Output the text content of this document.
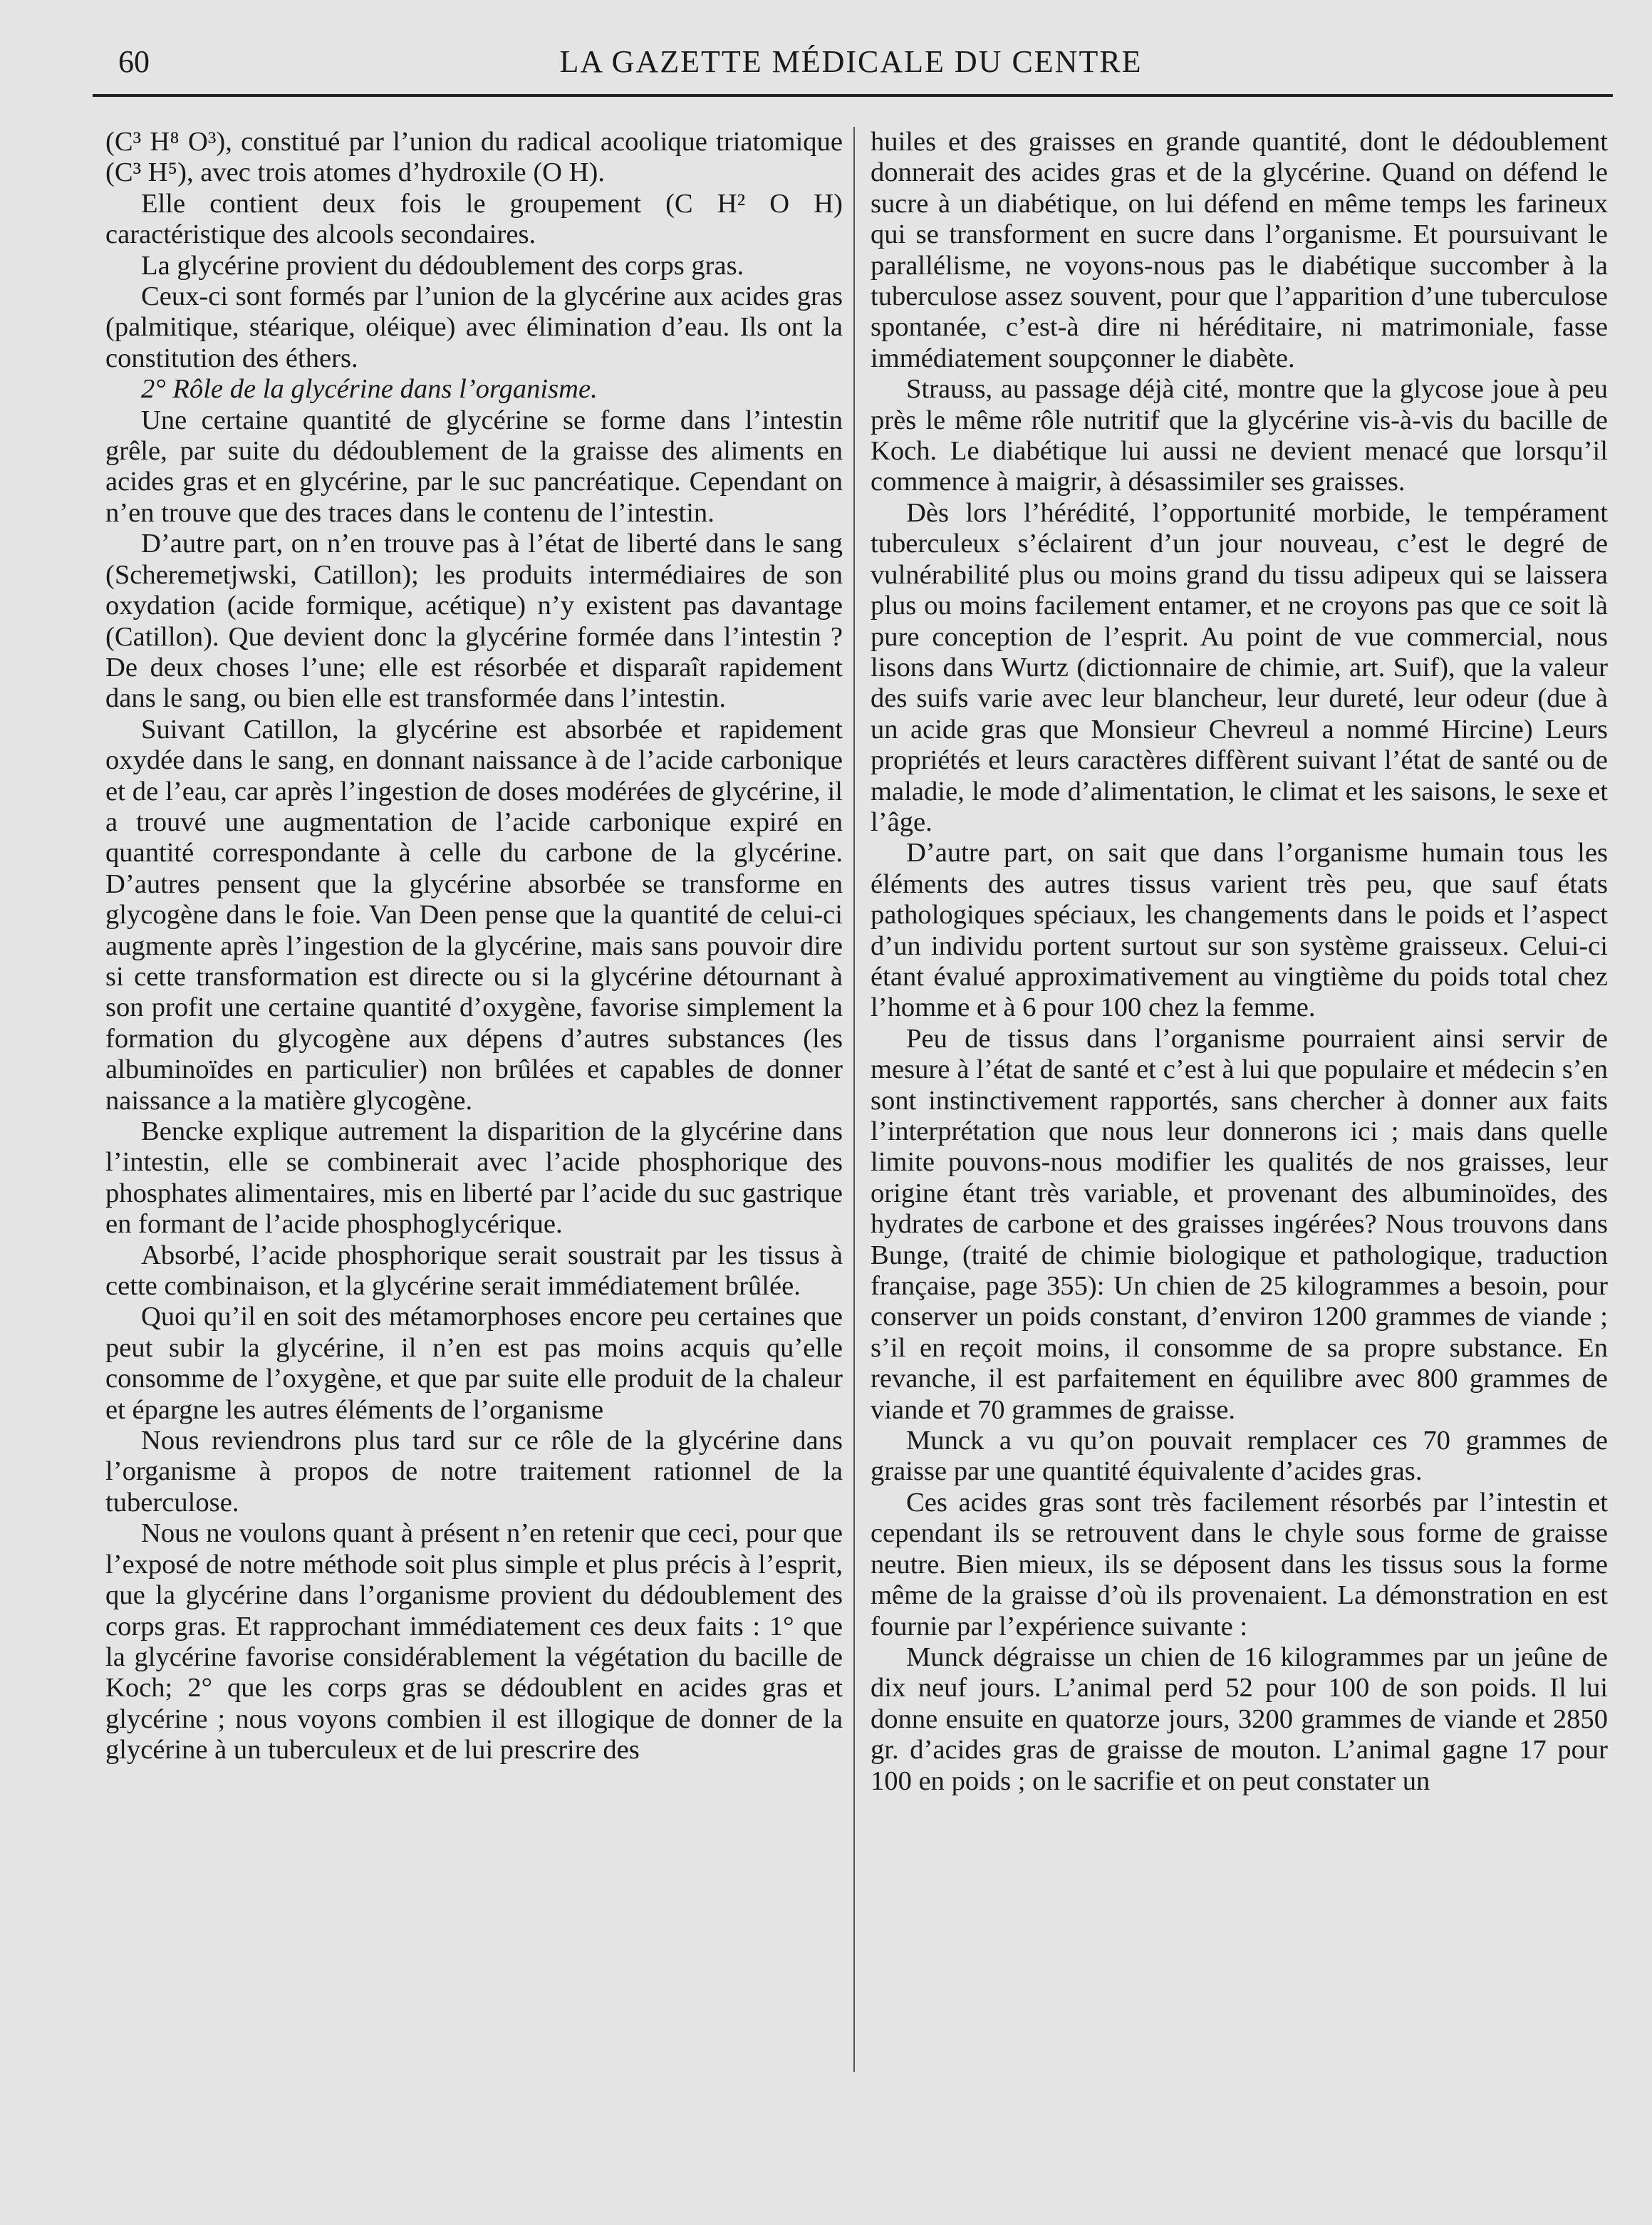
60	LA GAZETTE MÉDICALE DU CENTRE

(C³ H⁸ O³), constitué par l’union du radical acoolique triatomique (C³ H⁵), avec trois atomes d’hydroxile (O H).

Elle contient deux fois le groupement (C H² O H) caractéristique des alcools secondaires.

La glycérine provient du dédoublement des corps gras.

Ceux-ci sont formés par l’union de la glycérine aux acides gras (palmitique, stéarique, oléique) avec élimination d’eau. Ils ont la constitution des éthers.

2° Rôle de la glycérine dans l’organisme.

Une certaine quantité de glycérine se forme dans l’intestin grêle, par suite du dédoublement de la graisse des aliments en acides gras et en glycérine, par le suc pancréatique. Cependant on n’en trouve que des traces dans le contenu de l’intestin.

D’autre part, on n’en trouve pas à l’état de liberté dans le sang (Scheremetjwski, Catillon); les produits intermédiaires de son oxydation (acide formique, acétique) n’y existent pas davantage (Catillon). Que devient donc la glycérine formée dans l’intestin ? De deux choses l’une; elle est résorbée et disparaît rapidement dans le sang, ou bien elle est transformée dans l’intestin.

Suivant Catillon, la glycérine est absorbée et rapidement oxydée dans le sang, en donnant naissance à de l’acide carbonique et de l’eau, car après l’ingestion de doses modérées de glycérine, il a trouvé une augmentation de l’acide carbonique expiré en quantité correspondante à celle du carbone de la glycérine. D’autres pensent que la glycérine absorbée se transforme en glycogène dans le foie. Van Deen pense que la quantité de celui-ci augmente après l’ingestion de la glycérine, mais sans pouvoir dire si cette transformation est directe ou si la glycérine détournant à son profit une certaine quantité d’oxygène, favorise simplement la formation du glycogène aux dépens d’autres substances (les albuminoïdes en particulier) non brûlées et capables de donner naissance a la matière glycogène.

Bencke explique autrement la disparition de la glycérine dans l’intestin, elle se combinerait avec l’acide phosphorique des phosphates alimentaires, mis en liberté par l’acide du suc gastrique en formant de l’acide phosphoglycérique.

Absorbé, l’acide phosphorique serait soustrait par les tissus à cette combinaison, et la glycérine serait immédiatement brûlée.

Quoi qu’il en soit des métamorphoses encore peu certaines que peut subir la glycérine, il n’en est pas moins acquis qu’elle consomme de l’oxygène, et que par suite elle produit de la chaleur et épargne les autres éléments de l’organisme

Nous reviendrons plus tard sur ce rôle de la glycérine dans l’organisme à propos de notre traitement rationnel de la tuberculose.

Nous ne voulons quant à présent n’en retenir que ceci, pour que l’exposé de notre méthode soit plus simple et plus précis à l’esprit, que la glycérine dans l’organisme provient du dédoublement des corps gras. Et rapprochant immédiatement ces deux faits : 1° que la glycérine favorise considérablement la végétation du bacille de Koch; 2° que les corps gras se dédoublent en acides gras et glycérine ; nous voyons combien il est illogique de donner de la glycérine à un tuberculeux et de lui prescrire des

huiles et des graisses en grande quantité, dont le dédoublement donnerait des acides gras et de la glycérine. Quand on défend le sucre à un diabétique, on lui défend en même temps les farineux qui se transforment en sucre dans l’organisme. Et poursuivant le parallélisme, ne voyons-nous pas le diabétique succomber à la tuberculose assez souvent, pour que l’apparition d’une tuberculose spontanée, c’est-à dire ni héréditaire, ni matrimoniale, fasse immédiatement soupçonner le diabète.

Strauss, au passage déjà cité, montre que la glycose joue à peu près le même rôle nutritif que la glycérine vis-à-vis du bacille de Koch. Le diabétique lui aussi ne devient menacé que lorsqu’il commence à maigrir, à désassimiler ses graisses.

Dès lors l’hérédité, l’opportunité morbide, le tempérament tuberculeux s’éclairent d’un jour nouveau, c’est le degré de vulnérabilité plus ou moins grand du tissu adipeux qui se laissera plus ou moins facilement entamer, et ne croyons pas que ce soit là pure conception de l’esprit. Au point de vue commercial, nous lisons dans Wurtz (dictionnaire de chimie, art. Suif), que la valeur des suifs varie avec leur blancheur, leur dureté, leur odeur (due à un acide gras que Monsieur Chevreul a nommé Hircine) Leurs propriétés et leurs caractères diffèrent suivant l’état de santé ou de maladie, le mode d’alimentation, le climat et les saisons, le sexe et l’âge.

D’autre part, on sait que dans l’organisme humain tous les éléments des autres tissus varient très peu, que sauf états pathologiques spéciaux, les changements dans le poids et l’aspect d’un individu portent surtout sur son système graisseux. Celui-ci étant évalué approximativement au vingtième du poids total chez l’homme et à 6 pour 100 chez la femme.

Peu de tissus dans l’organisme pourraient ainsi servir de mesure à l’état de santé et c’est à lui que populaire et médecin s’en sont instinctivement rapportés, sans chercher à donner aux faits l’interprétation que nous leur donnerons ici ; mais dans quelle limite pouvons-nous modifier les qualités de nos graisses, leur origine étant très variable, et provenant des albuminoïdes, des hydrates de carbone et des graisses ingérées? Nous trouvons dans Bunge, (traité de chimie biologique et pathologique, traduction française, page 355): Un chien de 25 kilogrammes a besoin, pour conserver un poids constant, d’environ 1200 grammes de viande ; s’il en reçoit moins, il consomme de sa propre substance. En revanche, il est parfaitement en équilibre avec 800 grammes de viande et 70 grammes de graisse.

Munck a vu qu’on pouvait remplacer ces 70 grammes de graisse par une quantité équivalente d’acides gras.

Ces acides gras sont très facilement résorbés par l’intestin et cependant ils se retrouvent dans le chyle sous forme de graisse neutre. Bien mieux, ils se déposent dans les tissus sous la forme même de la graisse d’où ils provenaient. La démonstration en est fournie par l’expérience suivante :

Munck dégraisse un chien de 16 kilogrammes par un jeûne de dix neuf jours. L’animal perd 52 pour 100 de son poids. Il lui donne ensuite en quatorze jours, 3200 grammes de viande et 2850 gr. d’acides gras de graisse de mouton. L’animal gagne 17 pour 100 en poids ; on le sacrifie et on peut constater un
